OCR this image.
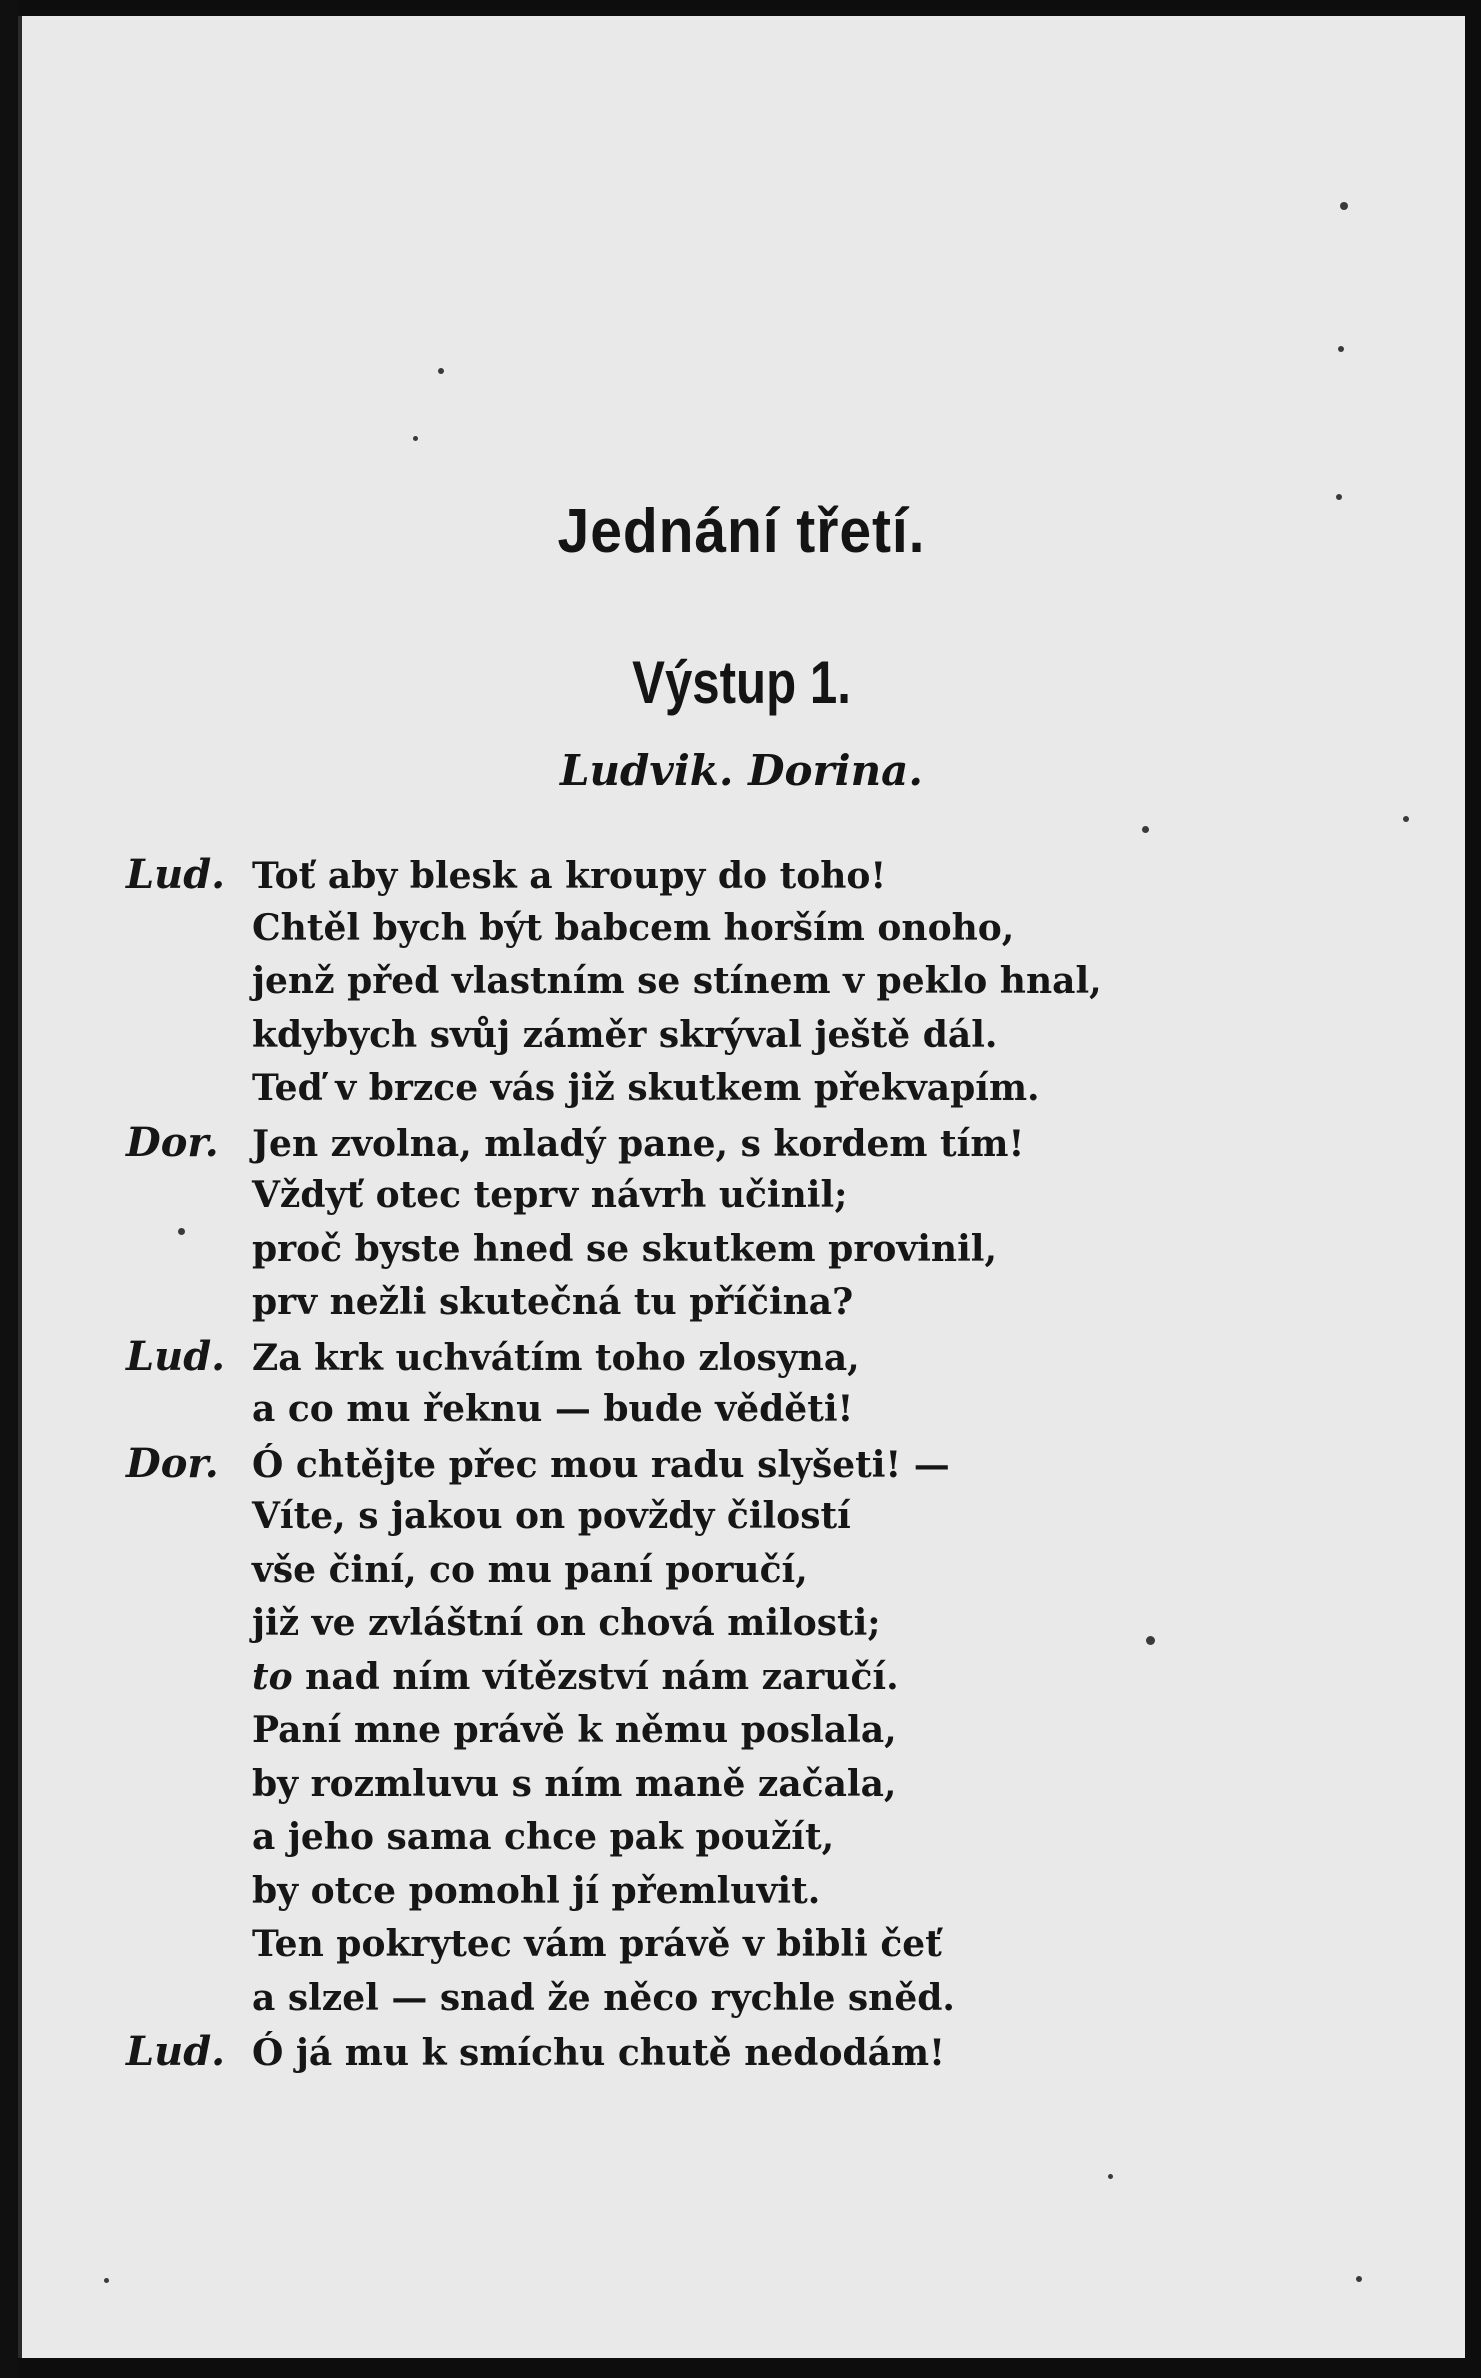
Jednání třetí.
Výstup 1.
Ludvik. Dorina.
Lud. Toť aby blesk a kroupy do toho!
Chtěl bych být babcem horším onoho,
jenž před vlastním se stínem v peklo hnal,
kdybych svůj záměr skrýval ještě dál.
Teď v brzce vás již skutkem překvapím.
Dor. Jen zvolna, mladý pane, s kordem tím!
Vždyť otec teprv návrh učinil;
proč byste hned se skutkem provinil,
prv nežli skutečná tu příčina?
Lud. Za krk uchvátím toho zlosyna,
a co mu řeknu — bude věděti!
Dor. Ó chtějte přec mou radu slyšeti! —
Víte, s jakou on povždy čilostí
vše činí, co mu paní poručí,
již ve zvláštní on chová milosti;
to nad ním vítězství nám zaručí.
Paní mne právě k němu poslala,
by rozmluvu s ním maně začala,
a jeho sama chce pak použít,
by otce pomohl jí přemluvit.
Ten pokrytec vám právě v bibli čeť
a slzel — snad že něco rychle sněd.
Lud. Ó já mu k smíchu chutě nedodám!
